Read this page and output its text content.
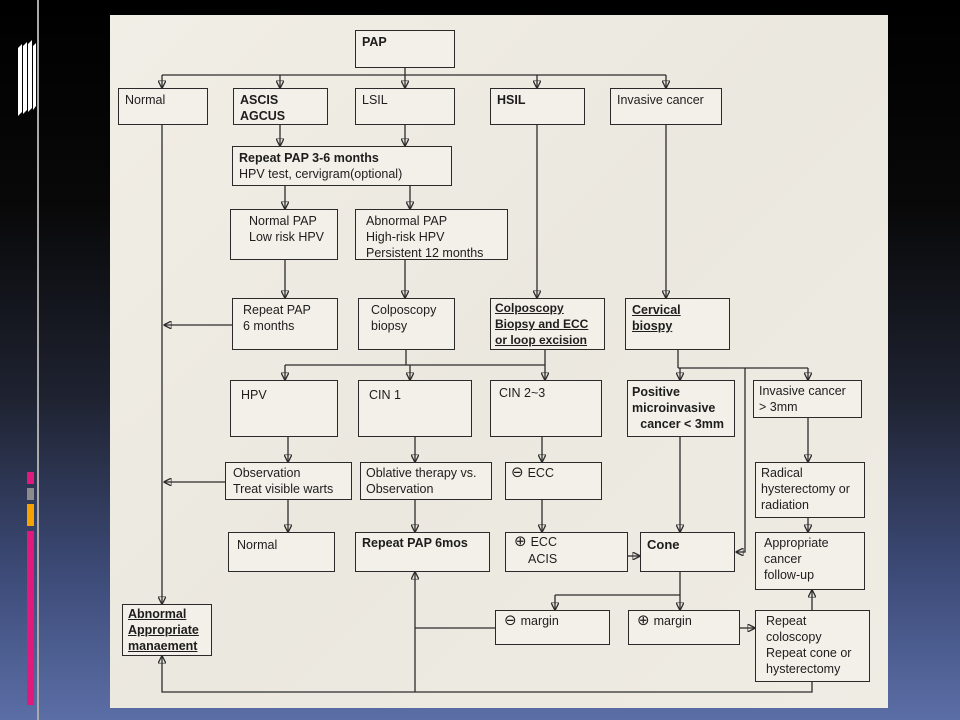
PAP
Normal	ASCIS
AGCUS
LSIL	HSIL	Invasive cancer
Repeat PAP 3-6 months
HPV test, cervigram(optional)
Normal PAP
Low risk HPV
Abnormal PAP
High-risk HPV
Persistent 12 months
Repeat PAP
6 months
Colposcopy
biopsy
Colposcopy
Biopsy and ECC
or loop excision
Cervical
biospy
HPV	CIN 1	CIN 2~3	Positive
microinvasive
cancer < 3mm
Invasive cancer
> 3mm
Observation
Treat visible warts
Oblative therapy vs.
Observation
⊖ ECC	Radical
hysterectomy or
radiation
Normal	Repeat PAP 6mos	⊕ ECC
ACIS
Cone	Appropriate
cancer
follow-up
Abnormal
Appropriate
manaement
⊖ margin	⊕ margin	Repeat
coloscopy
Repeat cone or
hysterectomy
